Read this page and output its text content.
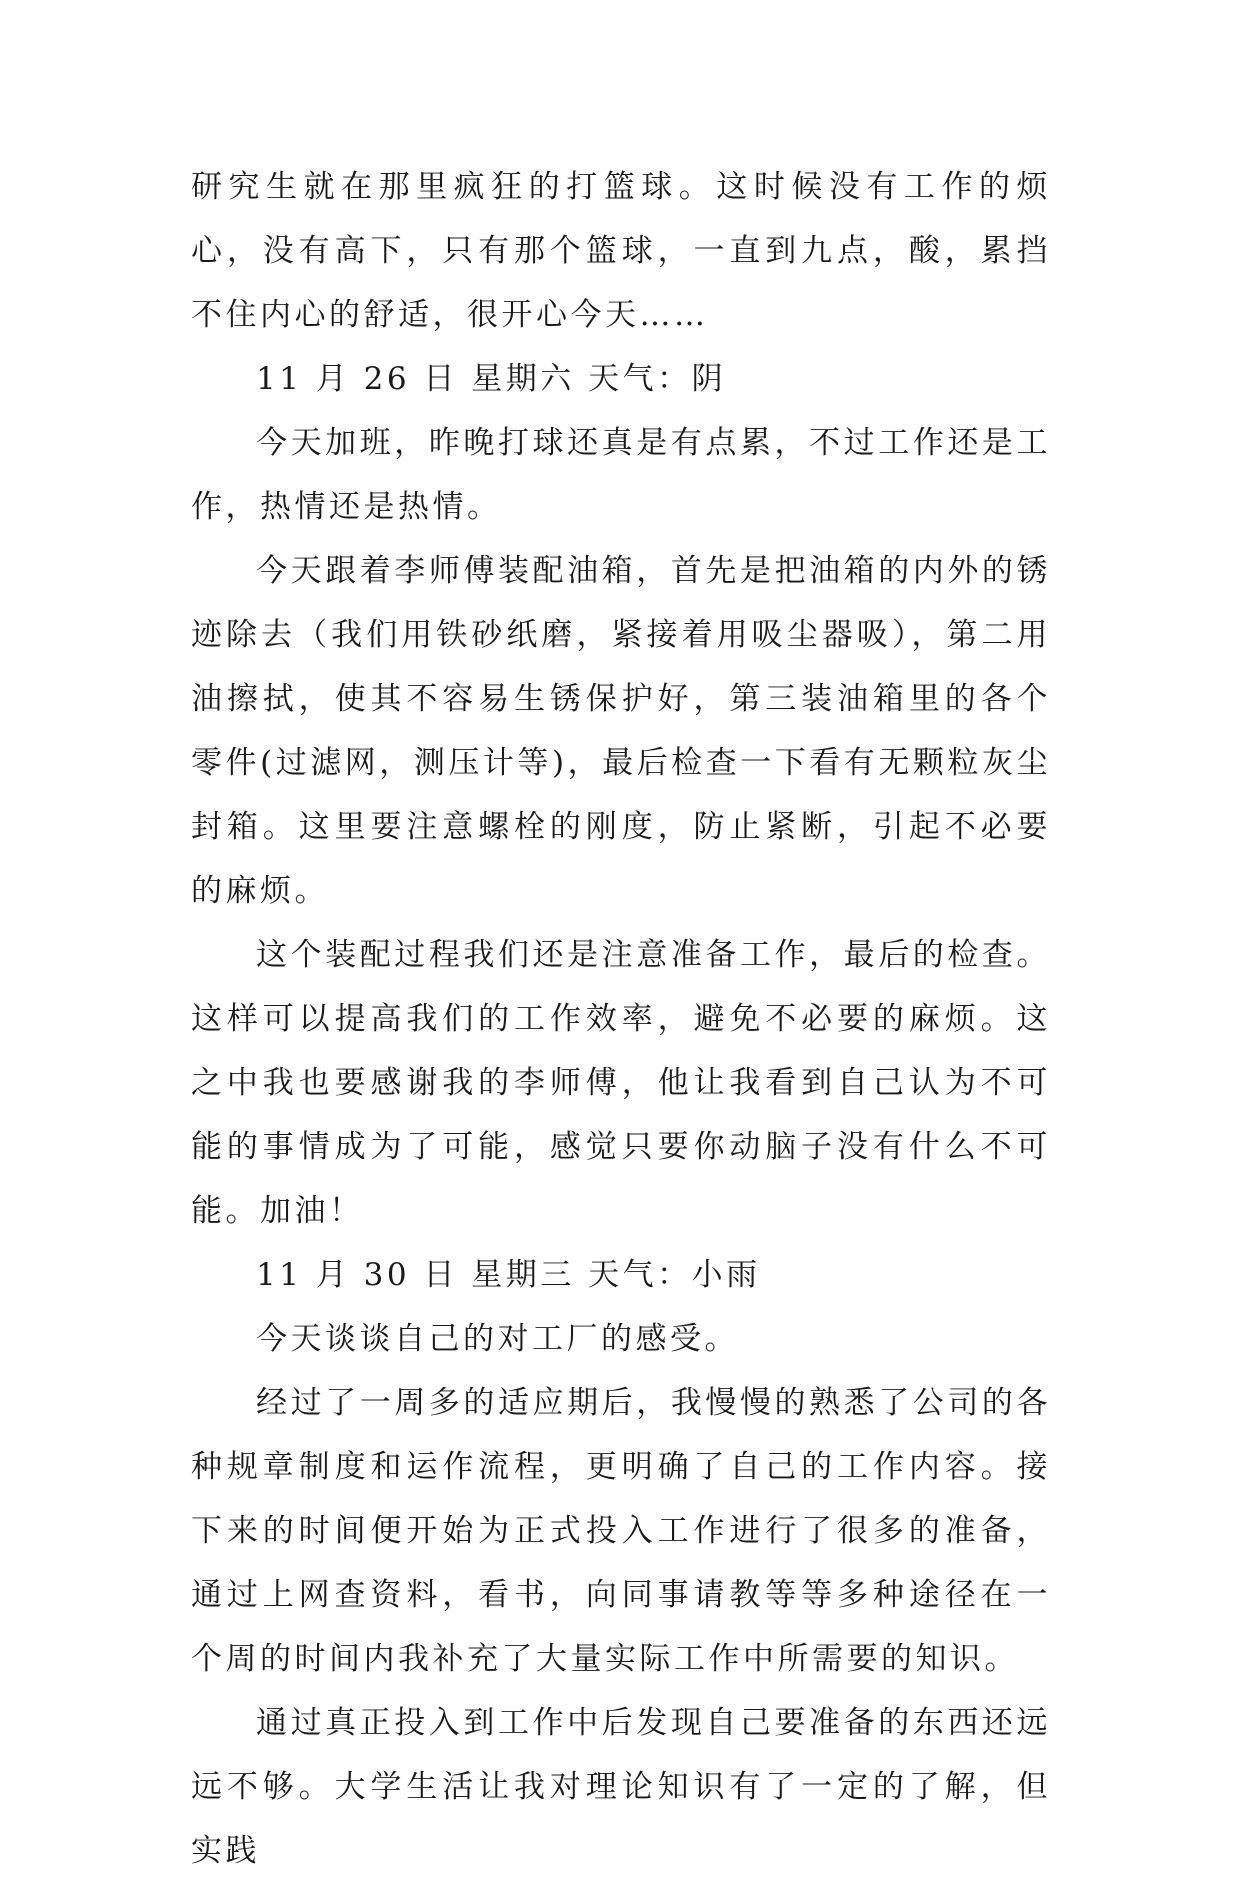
研究生就在那里疯狂的打篮球。这时候没有工作的烦心，没有高下，只有那个篮球，一直到九点，酸，累挡不住内心的舒适，很开心今天……

11 月 26 日 星期六 天气：阴

今天加班，昨晚打球还真是有点累，不过工作还是工作，热情还是热情。

今天跟着李师傅装配油箱，首先是把油箱的内外的锈迹除去（我们用铁砂纸磨，紧接着用吸尘器吸），第二用油擦拭，使其不容易生锈保护好，第三装油箱里的各个零件(过滤网，测压计等)，最后检查一下看有无颗粒灰尘封箱。这里要注意螺栓的刚度，防止紧断，引起不必要的麻烦。

这个装配过程我们还是注意准备工作，最后的检查。这样可以提高我们的工作效率，避免不必要的麻烦。这之中我也要感谢我的李师傅，他让我看到自己认为不可能的事情成为了可能，感觉只要你动脑子没有什么不可能。加油！

11 月 30 日 星期三 天气：小雨

今天谈谈自己的对工厂的感受。

经过了一周多的适应期后，我慢慢的熟悉了公司的各种规章制度和运作流程，更明确了自己的工作内容。接下来的时间便开始为正式投入工作进行了很多的准备，通过上网查资料，看书，向同事请教等等多种途径在一个周的时间内我补充了大量实际工作中所需要的知识。

通过真正投入到工作中后发现自己要准备的东西还远远不够。大学生活让我对理论知识有了一定的了解，但实践
